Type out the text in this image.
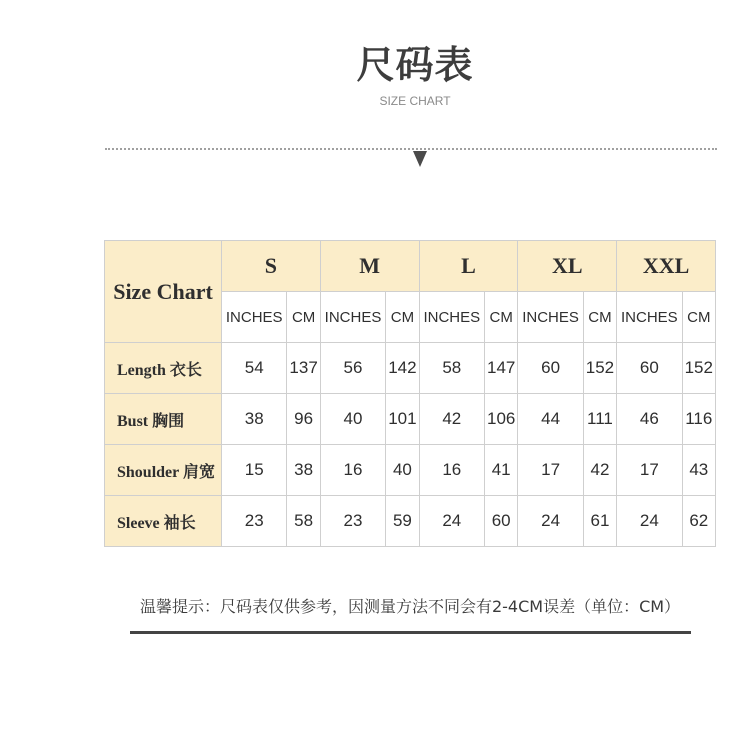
尺码表
SIZE CHART
Size Chart	S		M		L		XL		XXL	
	INCHES	CM	INCHES	CM	INCHES	CM	INCHES	CM	INCHES	CM
Length 衣长	54	137	56	142	58	147	60	152	60	152
Bust 胸围	38	96	40	101	42	106	44	111	46	116
Shoulder 肩宽	15	38	16	40	16	41	17	42	17	43
Sleeve 袖长	23	58	23	59	24	60	24	61	24	62
温馨提示：尺码表仅供参考，因测量方法不同会有2-4CM误差（单位：CM）
